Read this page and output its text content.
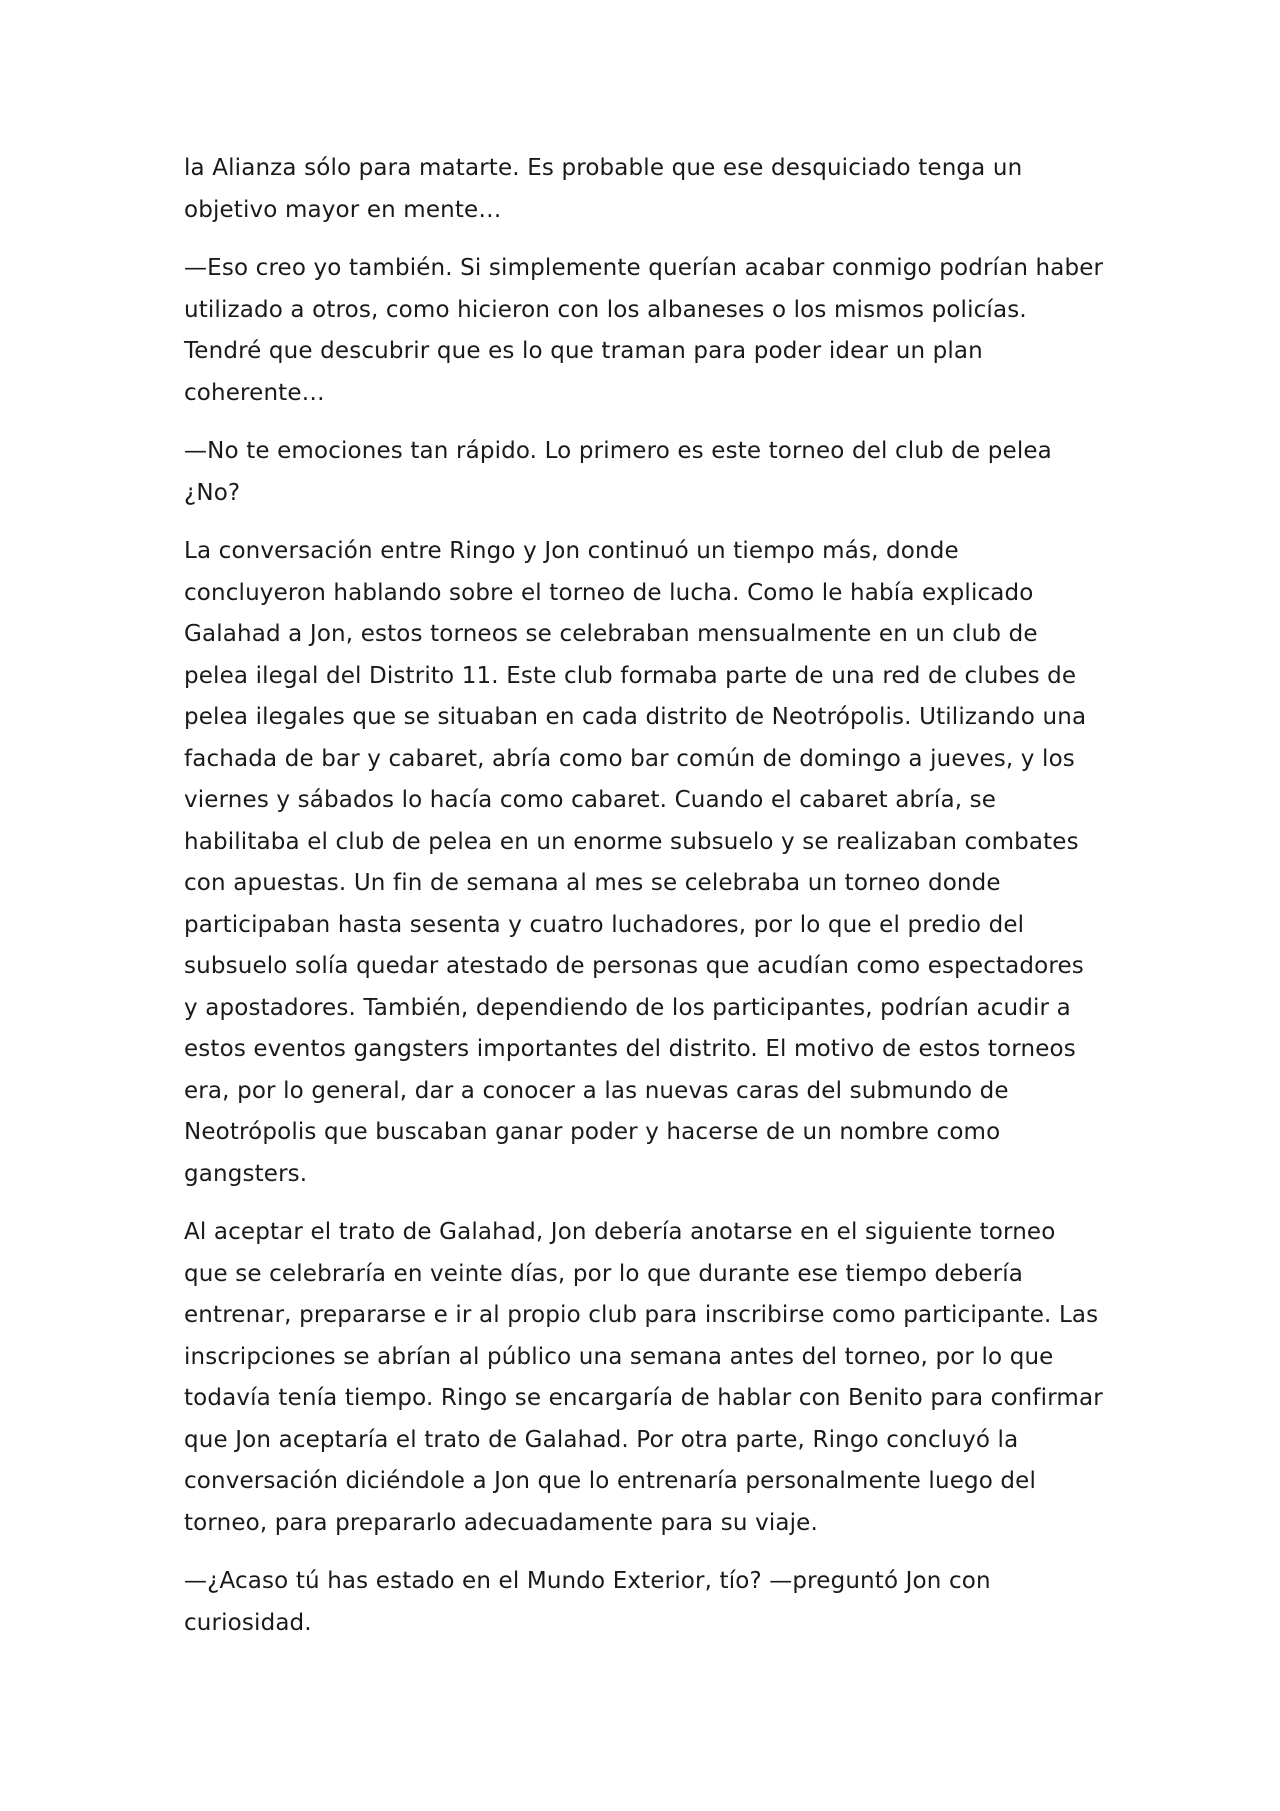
la Alianza sólo para matarte. Es probable que ese desquiciado tenga un objetivo mayor en mente…

—Eso creo yo también. Si simplemente querían acabar conmigo podrían haber utilizado a otros, como hicieron con los albaneses o los mismos policías. Tendré que descubrir que es lo que traman para poder idear un plan coherente…

—No te emociones tan rápido. Lo primero es este torneo del club de pelea ¿No?

La conversación entre Ringo y Jon continuó un tiempo más, donde concluyeron hablando sobre el torneo de lucha. Como le había explicado Galahad a Jon, estos torneos se celebraban mensualmente en un club de pelea ilegal del Distrito 11. Este club formaba parte de una red de clubes de pelea ilegales que se situaban en cada distrito de Neotrópolis. Utilizando una fachada de bar y cabaret, abría como bar común de domingo a jueves, y los viernes y sábados lo hacía como cabaret. Cuando el cabaret abría, se habilitaba el club de pelea en un enorme subsuelo y se realizaban combates con apuestas. Un fin de semana al mes se celebraba un torneo donde participaban hasta sesenta y cuatro luchadores, por lo que el predio del subsuelo solía quedar atestado de personas que acudían como espectadores y apostadores. También, dependiendo de los participantes, podrían acudir a estos eventos gangsters importantes del distrito. El motivo de estos torneos era, por lo general, dar a conocer a las nuevas caras del submundo de Neotrópolis que buscaban ganar poder y hacerse de un nombre como gangsters.

Al aceptar el trato de Galahad, Jon debería anotarse en el siguiente torneo que se celebraría en veinte días, por lo que durante ese tiempo debería entrenar, prepararse e ir al propio club para inscribirse como participante. Las inscripciones se abrían al público una semana antes del torneo, por lo que todavía tenía tiempo. Ringo se encargaría de hablar con Benito para confirmar que Jon aceptaría el trato de Galahad. Por otra parte, Ringo concluyó la conversación diciéndole a Jon que lo entrenaría personalmente luego del torneo, para prepararlo adecuadamente para su viaje.

—¿Acaso tú has estado en el Mundo Exterior, tío? —preguntó Jon con curiosidad.
